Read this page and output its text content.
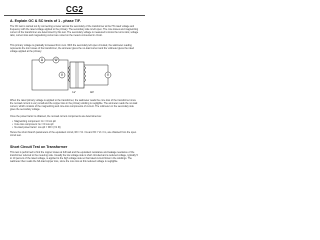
CG2
A. Explain OC & SC tests of 1 - phase T/F.

The OC test is carried out by connecting a meter across the secondary of the transformer at the HV rated voltage and frequency with the rated voltage applied to the primary. The secondary side is left open. The core losses and magnetizing current of the transformer are determined by this test. The secondary voltage is measured to know the turns ratio; voltage ratio, current loss and magnetising current are noted on the meters connected in circuit.

This primary voltage is gradually increased from zero. With the secondary left open circuited, the wattmeter reading represents the iron losses of the transformer, the ammeter gives the no-load current and the voltmeter gives the rated voltage applied at the primary.

A	W
V	V
LV	HV

When the rated primary voltage is applied to the transformer, the wattmeter reads the core loss of the transformer since the no-load current is very small and the copper loss in the primary winding is negligible. The ammeter reads the no-load current, which consists of the magnetizing and core-loss components of current. The voltmeter on the secondary side gives the secondary voltage.

Once the power factor is obtained, the no-load current components are determined as:

• Magnetizing component: Im = I0 sin φ0
• Core loss component: Iw = I0 cos φ0
• No-load power factor: cos φ0 = W0 / (V1 I0)

Hence the shunt branch parameters of the equivalent circuit, R0 = V1 / Iw and X0 = V1 / Im, are obtained from the open circuit test.

Short Circuit Test on Transformer

This test is performed to find the copper losses at full load and the equivalent resistance and leakage reactance of the transformer referred to the metering side. Usually the low voltage side is short circuited and a reduced voltage, typically 5 to 10 percent of the rated voltage, is applied to the high voltage side so that rated current flows in the windings. The wattmeter then reads the full-load copper loss, since the core loss at this reduced voltage is negligible.
